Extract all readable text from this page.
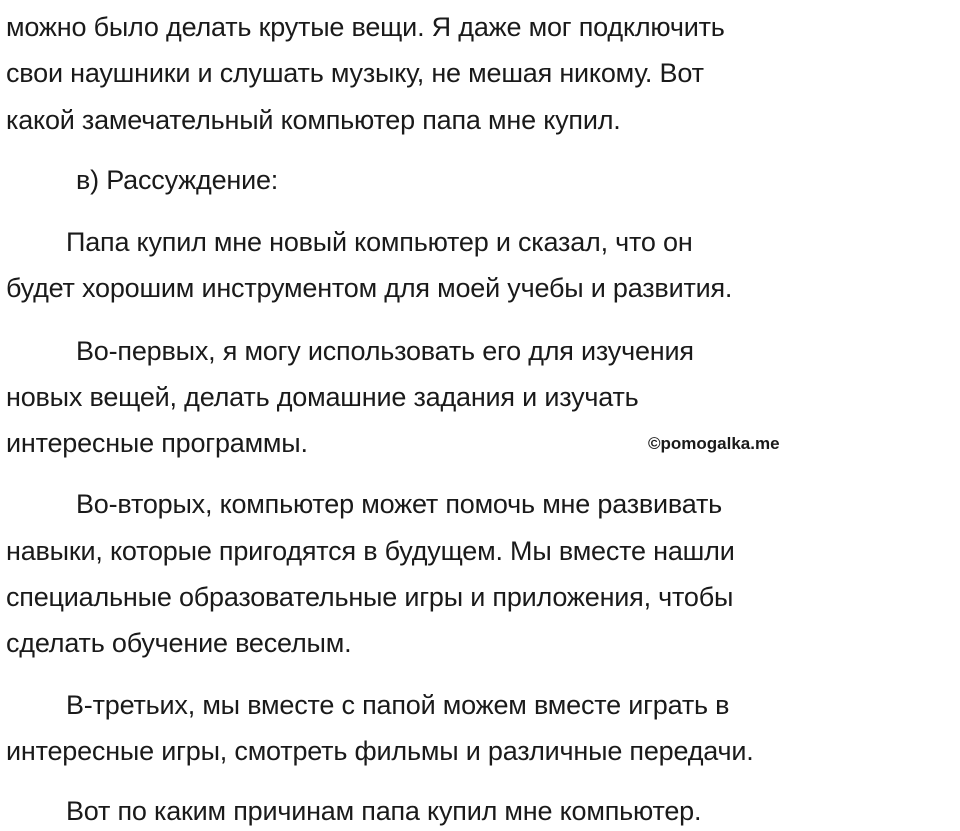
можно было делать крутые вещи. Я даже мог подключить
свои наушники и слушать музыку, не мешая никому. Вот
какой замечательный компьютер папа мне купил.
в) Рассуждение:
Папа купил мне новый компьютер и сказал, что он
будет хорошим инструментом для моей учебы и развития.
Во-первых, я могу использовать его для изучения
новых вещей, делать домашние задания и изучать
интересные программы.	©pomogalka.me
Во-вторых, компьютер может помочь мне развивать
навыки, которые пригодятся в будущем. Мы вместе нашли
специальные образовательные игры и приложения, чтобы
сделать обучение веселым.
В-третьих, мы вместе с папой можем вместе играть в
интересные игры, смотреть фильмы и различные передачи.
Вот по каким причинам папа купил мне компьютер.
